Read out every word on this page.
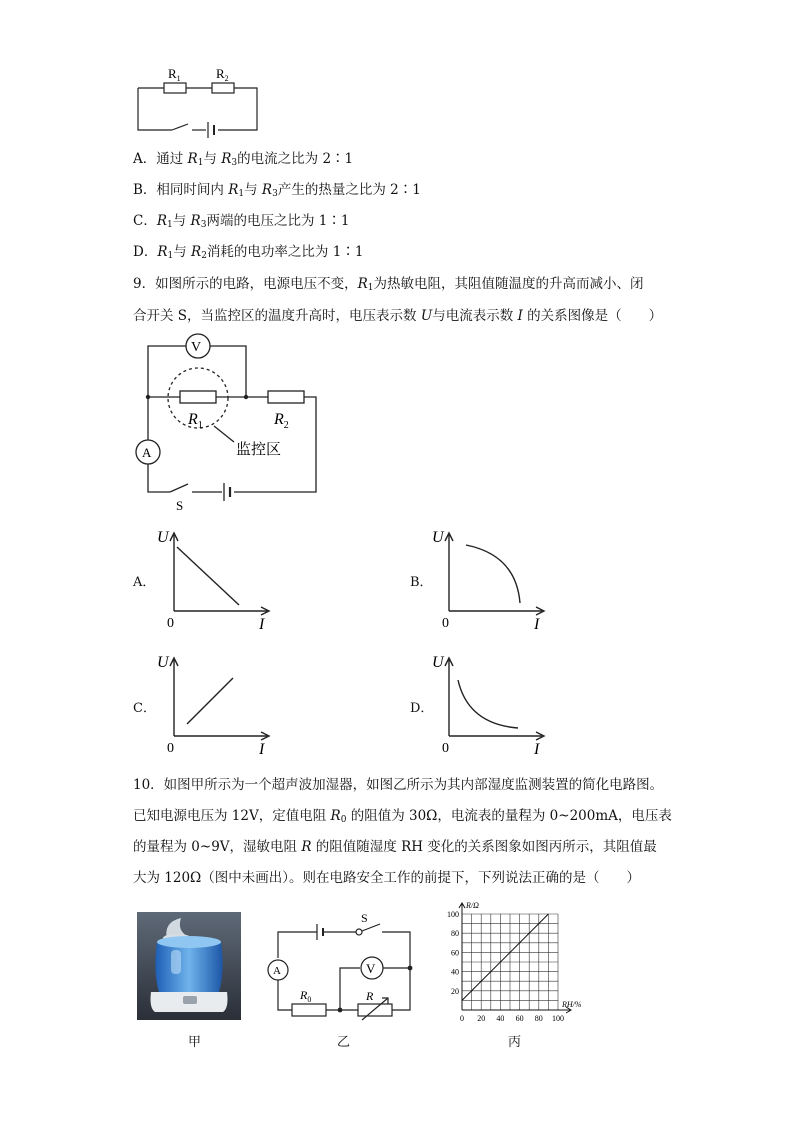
$R_1$	$R_2$
A．通过 $R_1$与 $R_3$的电流之比为 2∶1
B．相同时间内 $R_1$与 $R_3$产生的热量之比为 2∶1
C．$R_1$与 $R_3$两端的电压之比为 1∶1
D．$R_1$与 $R_2$消耗的电功率之比为 1∶1
9．如图所示的电路，电源电压不变，$R_1$为热敏电阻，其阻值随温度的升高而减小、闭
合开关 S，当监控区的温度升高时，电压表示数 U与电流表示数 I 的关系图像是（　　）
V
A
$R_1$	$R_2$
监控区
S
A．
U
I
0
B．
U
I
0
C．
U
I
0
D．
U
I
0
10．如图甲所示为一个超声波加湿器，如图乙所示为其内部湿度监测装置的简化电路图。
已知电源电压为 12V，定值电阻 $R_0$ 的阻值为 30Ω，电流表的量程为 0~200mA，电压表
的量程为 0~9V，湿敏电阻 R 的阻值随湿度 RH 变化的关系图象如图丙所示，其阻值最
大为 120Ω（图中未画出）。则在电路安全工作的前提下，下列说法正确的是（　　）
甲
S
V
A
$R_0$	R
乙
0 20 40 60 80 100
20
40
60
80
100
R/Ω
RH/%
丙
